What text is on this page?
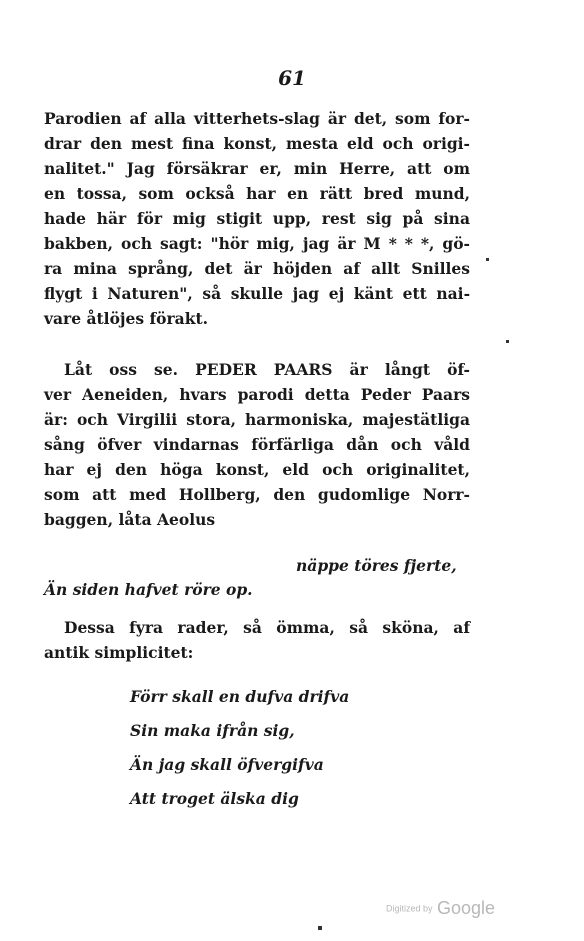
61
Parodien af alla vitterhets-slag är det, som for-
drar den mest fina konst, mesta eld och origi-
nalitet." Jag försäkrar er, min Herre, att om
en tossa, som också har en rätt bred mund,
hade här för mig stigit upp, rest sig på sina
bakben, och sagt: "hör mig, jag är M * * *, gö-
ra mina språng, det är höjden af allt Snilles
flygt i Naturen", så skulle jag ej känt ett nai-
vare åtlöjes förakt.
Låt oss se. PEDER PAARS är långt öf-
ver Aeneiden, hvars parodi detta Peder Paars
är: och Virgilii stora, harmoniska, majestätliga
sång öfver vindarnas förfärliga dån och våld
har ej den höga konst, eld och originalitet,
som att med Hollberg, den gudomlige Norr-
baggen, låta Aeolus
näppe töres fjerte,
Än siden hafvet röre op.
Dessa fyra rader, så ömma, så sköna, af
antik simplicitet:
Förr skall en dufva drifva
Sin maka ifrån sig,
Än jag skall öfvergifva
Att troget älska dig
Digitized by Google
